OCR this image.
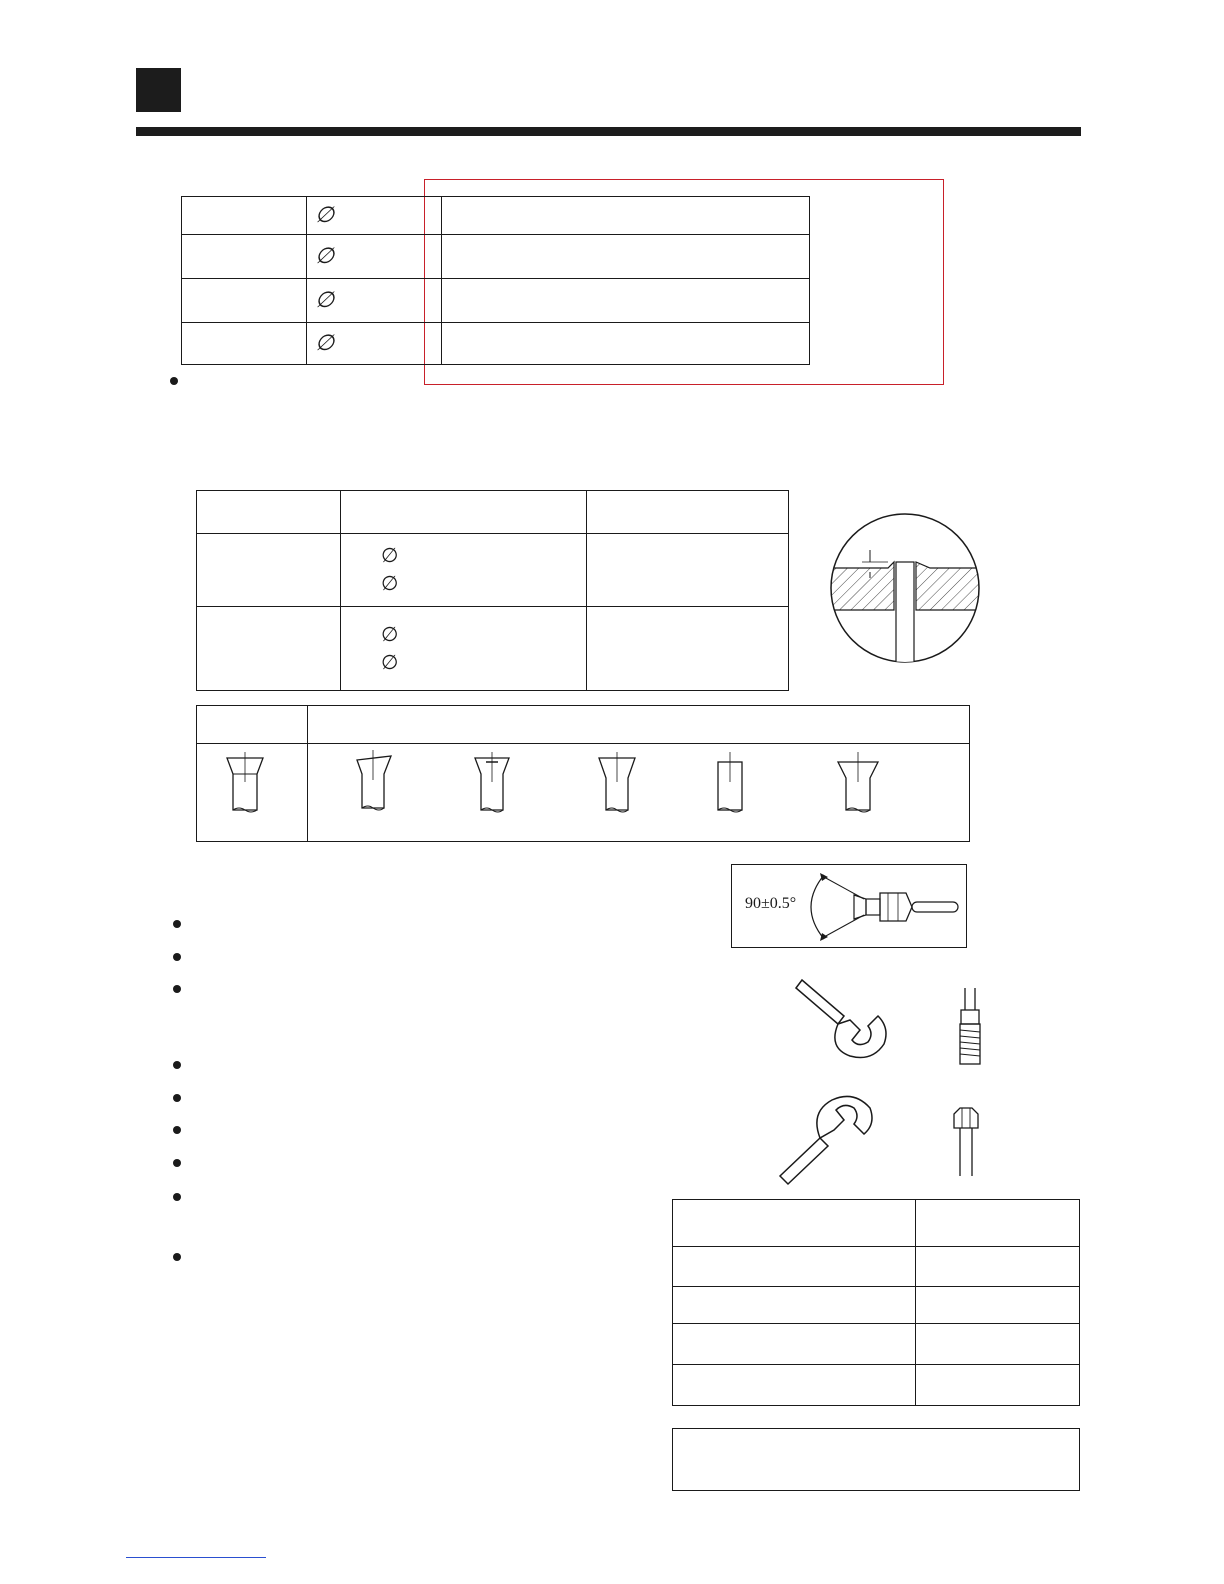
	∅	
	∅	
	∅	
	∅	

	∅
∅	

	∅
∅	

90±0.5°
